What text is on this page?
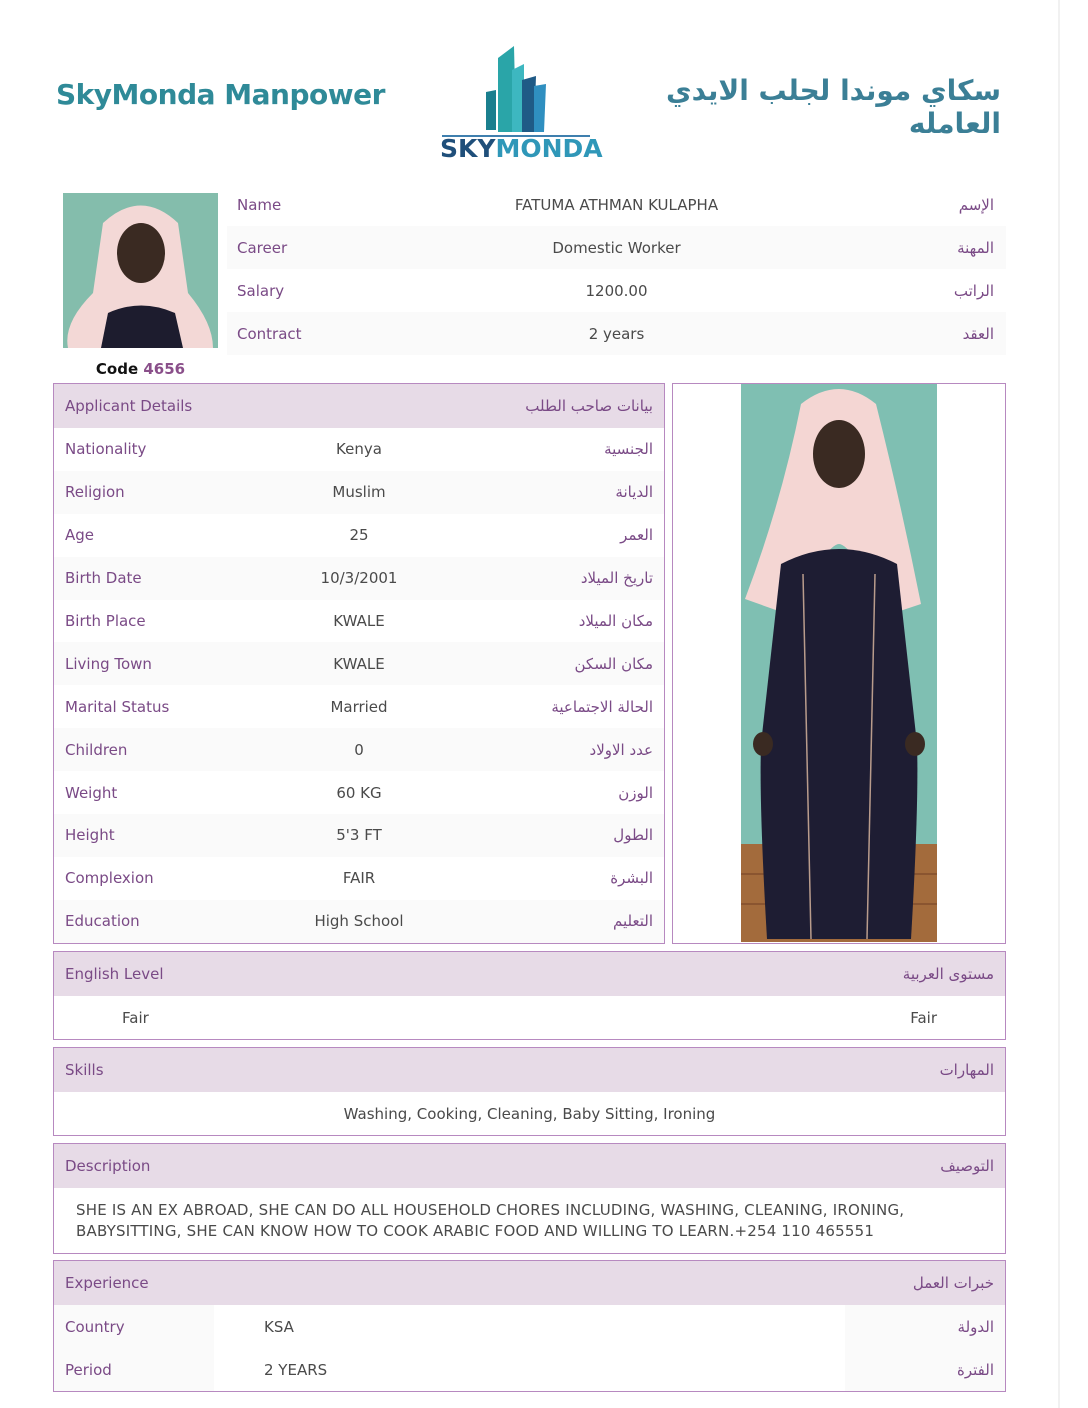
SkyMonda Manpower
SKYMONDA
سكاي موندا لجلب الايدي العامله
Code 4656
Name	FATUMA ATHMAN KULAPHA	الإسم
Career	Domestic Worker	المهنة
Salary	1200.00	الراتب
Contract	2 years	العقد
Applicant Details	بيانات صاحب الطلب
Nationality	Kenya	الجنسية
Religion	Muslim	الديانة
Age	25	العمر
Birth Date	10/3/2001	تاريخ الميلاد
Birth Place	KWALE	مكان الميلاد
Living Town	KWALE	مكان السكن
Marital Status	Married	الحالة الاجتماعية
Children	0	عدد الاولاد
Weight	60 KG	الوزن
Height	5'3 FT	الطول
Complexion	FAIR	البشرة
Education	High School	التعليم
English Level	مستوى العربية
Fair	Fair
Skills	المهارات
Washing, Cooking, Cleaning, Baby Sitting, Ironing
Description	التوصيف
SHE IS AN EX ABROAD, SHE CAN DO ALL HOUSEHOLD CHORES INCLUDING, WASHING, CLEANING, IRONING, BABYSITTING, SHE CAN KNOW HOW TO COOK ARABIC FOOD AND WILLING TO LEARN.+254 110 465551
Experience	خبرات العمل
Country	KSA	الدولة
Period	2 YEARS	الفترة
